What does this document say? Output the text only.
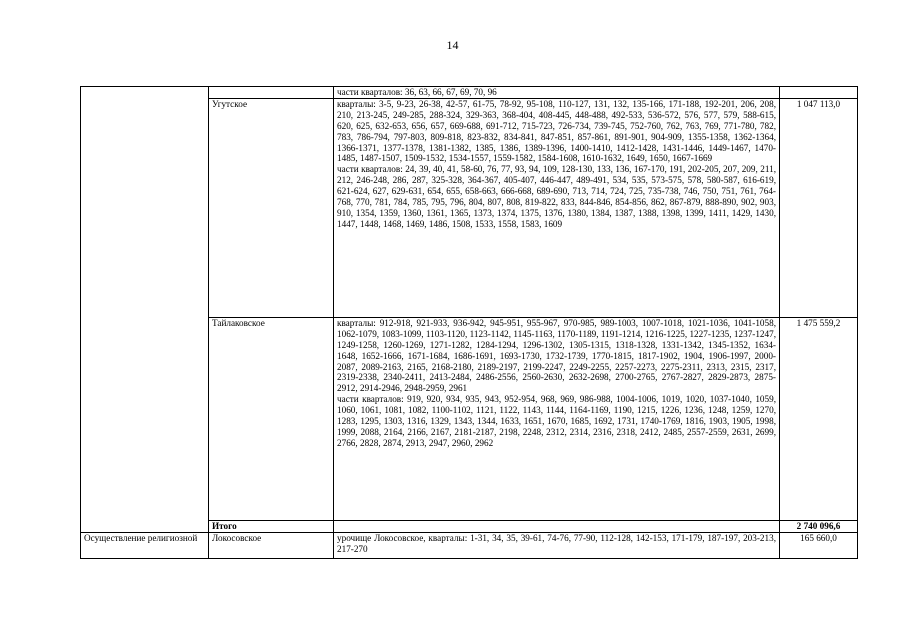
14
		части кварталов: 36, 63, 66, 67, 69, 70, 96	
	Угутское	кварталы: 3-5, 9-23, 26-38, 42-57, 61-75, 78-92, 95-108, 110-127, 131, 132, 135-166, 171-188, 192-201, 206, 208, 210, 213-245, 249-285, 288-324, 329-363, 368-404, 408-445, 448-488, 492-533, 536-572, 576, 577, 579, 588-615, 620, 625, 632-653, 656, 657, 669-688, 691-712, 715-723, 726-734, 739-745, 752-760, 762, 763, 769, 771-780, 782, 783, 786-794, 797-803, 809-818, 823-832, 834-841, 847-851, 857-861, 891-901, 904-909, 1355-1358, 1362-1364, 1366-1371, 1377-1378, 1381-1382, 1385, 1386, 1389-1396, 1400-1410, 1412-1428, 1431-1446, 1449-1467, 1470-1485, 1487-1507, 1509-1532, 1534-1557, 1559-1582, 1584-1608, 1610-1632, 1649, 1650, 1667-1669

части кварталов: 24, 39, 40, 41, 58-60, 76, 77, 93, 94, 109, 128-130, 133, 136, 167-170, 191, 202-205, 207, 209, 211, 212, 246-248, 286, 287, 325-328, 364-367, 405-407, 446-447, 489-491, 534, 535, 573-575, 578, 580-587, 616-619, 621-624, 627, 629-631, 654, 655, 658-663, 666-668, 689-690, 713, 714, 724, 725, 735-738, 746, 750, 751, 761, 764-768, 770, 781, 784, 785, 795, 796, 804, 807, 808, 819-822, 833, 844-846, 854-856, 862, 867-879, 888-890, 902, 903, 910, 1354, 1359, 1360, 1361, 1365, 1373, 1374, 1375, 1376, 1380, 1384, 1387, 1388, 1398, 1399, 1411, 1429, 1430, 1447, 1448, 1468, 1469, 1486, 1508, 1533, 1558, 1583, 1609	1 047 113,0
	Тайлаковское	кварталы: 912-918, 921-933, 936-942, 945-951, 955-967, 970-985, 989-1003, 1007-1018, 1021-1036, 1041-1058, 1062-1079, 1083-1099, 1103-1120, 1123-1142, 1145-1163, 1170-1189, 1191-1214, 1216-1225, 1227-1235, 1237-1247, 1249-1258, 1260-1269, 1271-1282, 1284-1294, 1296-1302, 1305-1315, 1318-1328, 1331-1342, 1345-1352, 1634-1648, 1652-1666, 1671-1684, 1686-1691, 1693-1730, 1732-1739, 1770-1815, 1817-1902, 1904, 1906-1997, 2000-2087, 2089-2163, 2165, 2168-2180, 2189-2197, 2199-2247, 2249-2255, 2257-2273, 2275-2311, 2313, 2315, 2317, 2319-2338, 2340-2411, 2413-2484, 2486-2556, 2560-2630, 2632-2698, 2700-2765, 2767-2827, 2829-2873, 2875-2912, 2914-2946, 2948-2959, 2961

части кварталов: 919, 920, 934, 935, 943, 952-954, 968, 969, 986-988, 1004-1006, 1019, 1020, 1037-1040, 1059, 1060, 1061, 1081, 1082, 1100-1102, 1121, 1122, 1143, 1144, 1164-1169, 1190, 1215, 1226, 1236, 1248, 1259, 1270, 1283, 1295, 1303, 1316, 1329, 1343, 1344, 1633, 1651, 1670, 1685, 1692, 1731, 1740-1769, 1816, 1903, 1905, 1998, 1999, 2088, 2164, 2166, 2167, 2181-2187, 2198, 2248, 2312, 2314, 2316, 2318, 2412, 2485, 2557-2559, 2631, 2699, 2766, 2828, 2874, 2913, 2947, 2960, 2962	1 475 559,2
	Итого		2 740 096,6
Осуществление религиозной	Локосовское	урочище Локосовское, кварталы: 1-31, 34, 35, 39-61, 74-76, 77-90, 112-128, 142-153, 171-179, 187-197, 203-213, 217-270	165 660,0
